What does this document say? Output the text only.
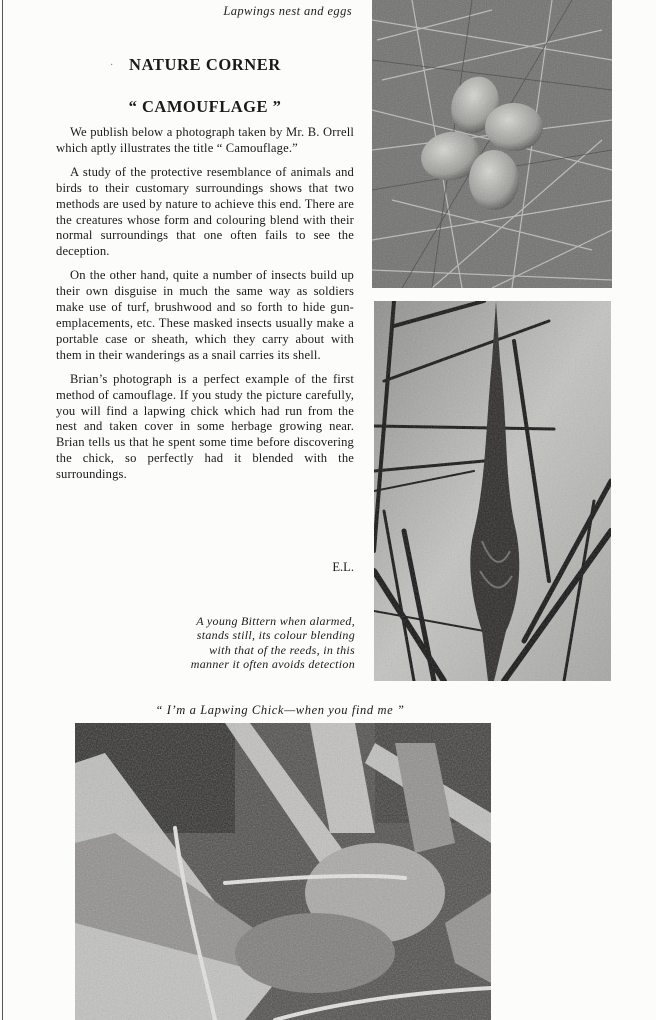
Lapwings nest and eggs
· NATURE CORNER
“ CAMOUFLAGE ”

We publish below a photograph taken by Mr. B. Orrell which aptly illustrates the title “ Camouflage.”

A study of the protective resemblance of animals and birds to their customary surroundings shows that two methods are used by nature to achieve this end. There are the creatures whose form and colouring blend with their normal surroundings that one often fails to see the deception.

On the other hand, quite a number of insects build up their own disguise in much the same way as soldiers make use of turf, brushwood and so forth to hide gun-emplacements, etc. These masked insects usually make a portable case or sheath, which they carry about with them in their wanderings as a snail carries its shell.

Brian’s photograph is a perfect example of the first method of camouflage. If you study the picture carefully, you will find a lapwing chick which had run from the nest and taken cover in some herbage growing near. Brian tells us that he spent some time before discovering the chick, so perfectly had it blended with the surroundings.

E.L.
A young Bittern when alarmed,
stands still, its colour blending
with that of the reeds, in this
manner it often avoids detection
“ I’m a Lapwing Chick—when you find me ”
